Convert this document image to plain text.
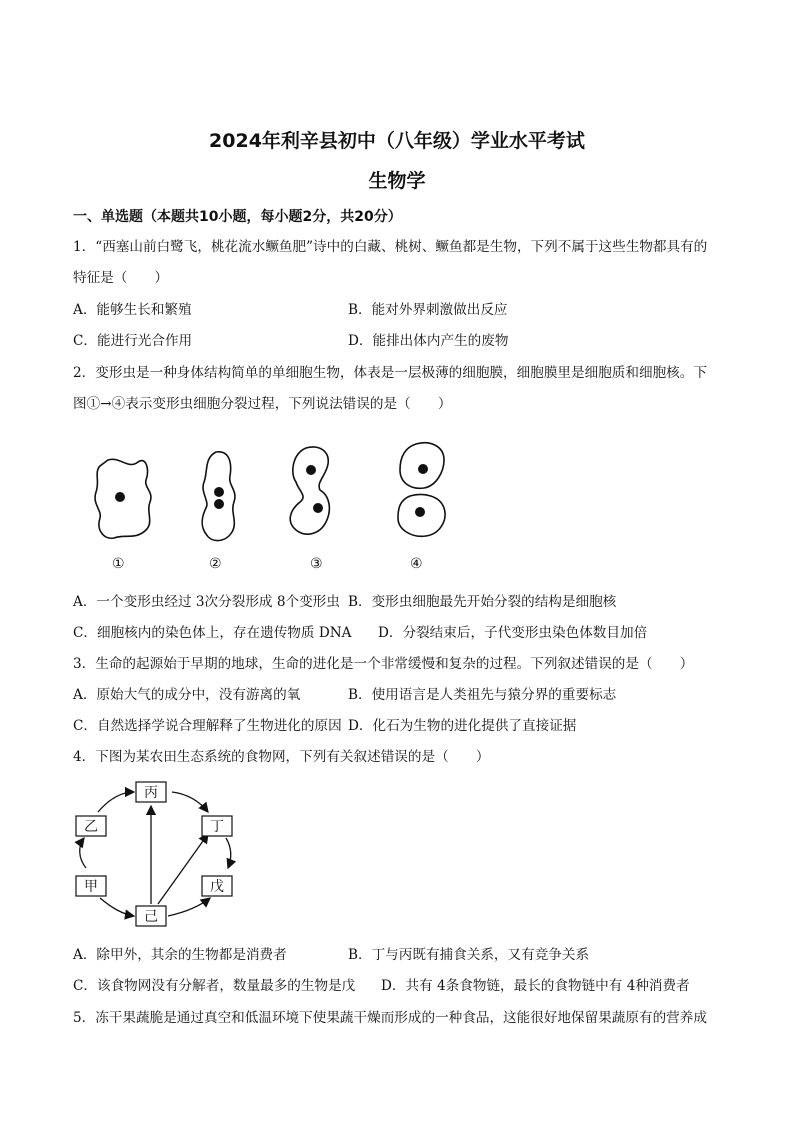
2024年利辛县初中（八年级）学业水平考试
生物学
一、单选题（本题共10小题，每小题2分，共20分）
1．“西塞山前白鹭飞，桃花流水鳜鱼肥”诗中的白藏、桃树、鳜鱼都是生物，下列不属于这些生物都具有的
特征是（　　）
A．能够生长和繁殖	B．能对外界刺激做出反应
C．能进行光合作用	D．能排出体内产生的废物
2．变形虫是一种身体结构简单的单细胞生物，体表是一层极薄的细胞膜，细胞膜里是细胞质和细胞核。下
图①→④表示变形虫细胞分裂过程，下列说法错误的是（　　）
①	②	③	④
A．一个变形虫经过 3次分裂形成 8个变形虫 B．变形虫细胞最先开始分裂的结构是细胞核
C．细胞核内的染色体上，存在遗传物质 DNA D．分裂结束后，子代变形虫染色体数目加倍
3．生命的起源始于早期的地球，生命的进化是一个非常缓慢和复杂的过程。下列叙述错误的是（　　）
A．原始大气的成分中，没有游离的氧	B．使用语言是人类祖先与猿分界的重要标志
C．自然选择学说合理解释了生物进化的原因 D．化石为生物的进化提供了直接证据
4．下图为某农田生态系统的食物网，下列有关叙述错误的是（　　）
丙
乙	丁
甲	戊
己
A．除甲外，其余的生物都是消费者	B．丁与丙既有捕食关系，又有竞争关系
C．该食物网没有分解者，数量最多的生物是戊 D．共有 4条食物链，最长的食物链中有 4种消费者
5．冻干果蔬脆是通过真空和低温环境下使果蔬干燥而形成的一种食品，这能很好地保留果蔬原有的营养成
